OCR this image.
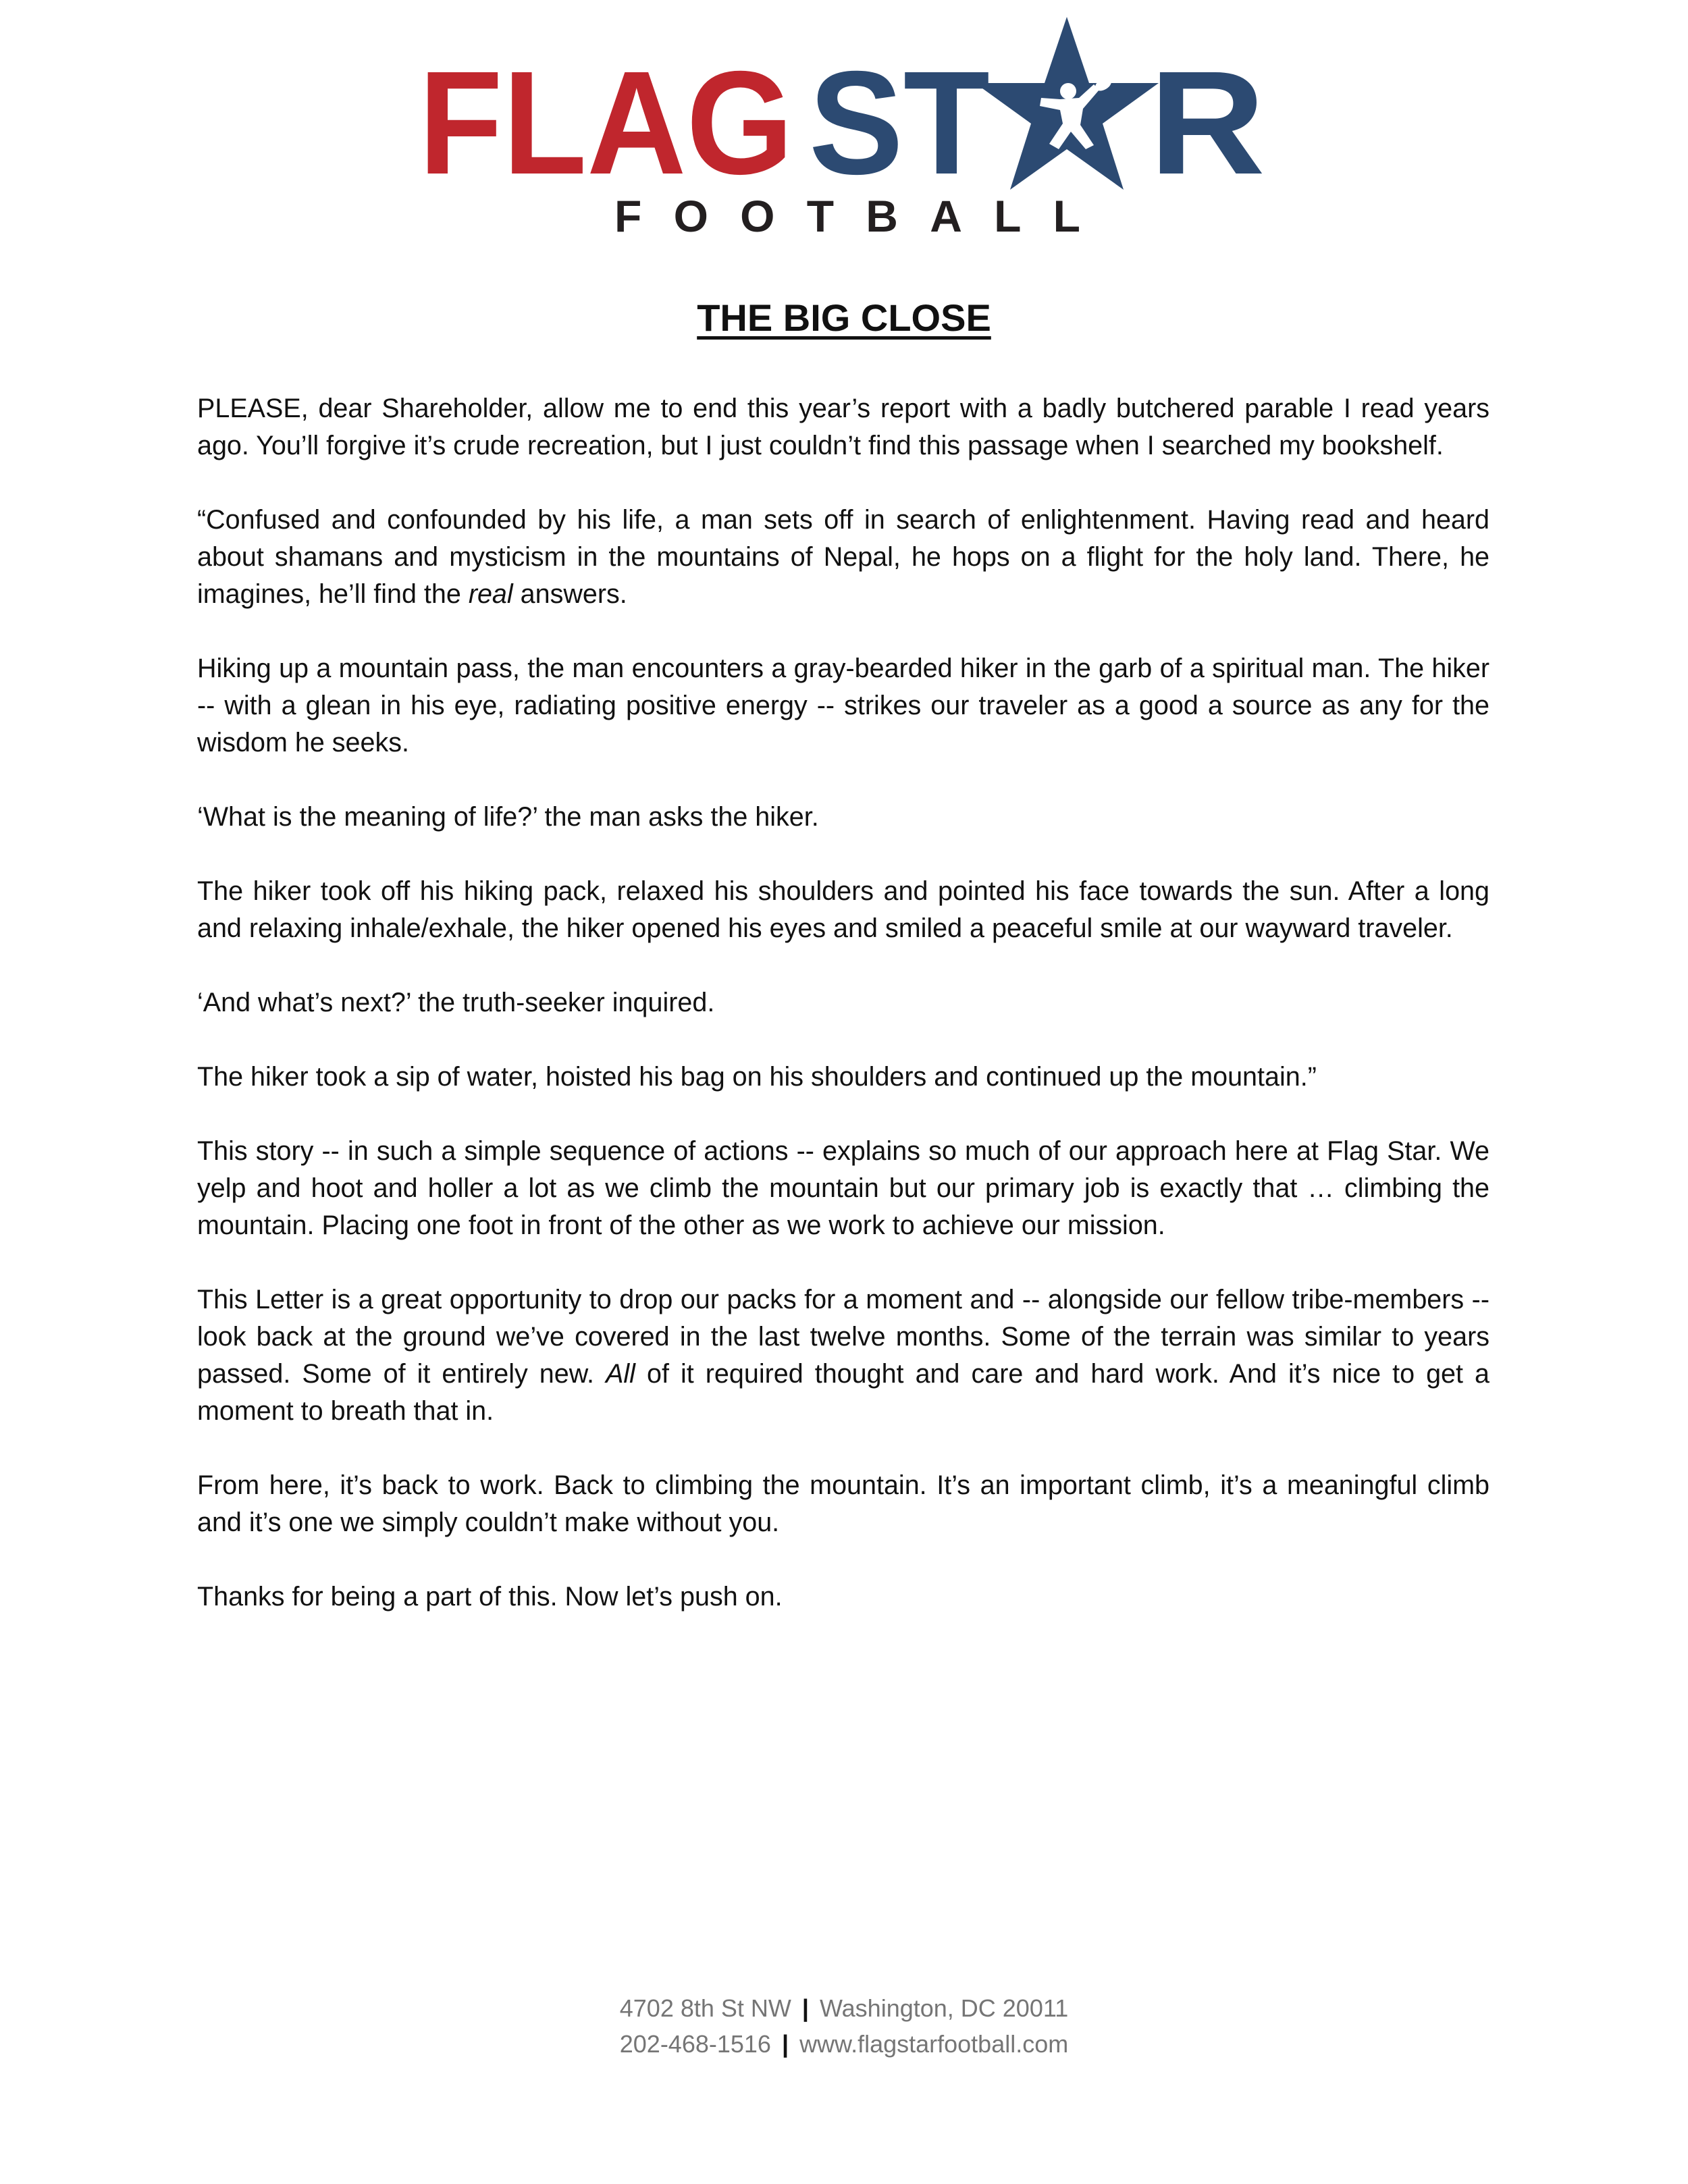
FLAG ST R
FOOTBALL
THE BIG CLOSE

PLEASE, dear Shareholder, allow me to end this year’s report with a badly butchered parable I read years ago. You’ll forgive it’s crude recreation, but I just couldn’t find this passage when I searched my bookshelf.

“Confused and confounded by his life, a man sets off in search of enlightenment. Having read and heard about shamans and mysticism in the mountains of Nepal, he hops on a flight for the holy land. There, he imagines, he’ll find the real answers.

Hiking up a mountain pass, the man encounters a gray-bearded hiker in the garb of a spiritual man. The hiker -- with a glean in his eye, radiating positive energy -- strikes our traveler as a good a source as any for the wisdom he seeks.

‘What is the meaning of life?’ the man asks the hiker.

The hiker took off his hiking pack, relaxed his shoulders and pointed his face towards the sun. After a long and relaxing inhale/exhale, the hiker opened his eyes and smiled a peaceful smile at our wayward traveler.

‘And what’s next?’ the truth-seeker inquired.

The hiker took a sip of water, hoisted his bag on his shoulders and continued up the mountain.”

This story -- in such a simple sequence of actions -- explains so much of our approach here at Flag Star. We yelp and hoot and holler a lot as we climb the mountain but our primary job is exactly that … climbing the mountain. Placing one foot in front of the other as we work to achieve our mission.

This Letter is a great opportunity to drop our packs for a moment and -- alongside our fellow tribe-members -- look back at the ground we’ve covered in the last twelve months. Some of the terrain was similar to years passed. Some of it entirely new. All of it required thought and care and hard work. And it’s nice to get a moment to breath that in.

From here, it’s back to work. Back to climbing the mountain. It’s an important climb, it’s a meaningful climb and it’s one we simply couldn’t make without you.

Thanks for being a part of this. Now let’s push on.

4702 8th St NW | Washington, DC 20011
202-468-1516 | www.flagstarfootball.com
